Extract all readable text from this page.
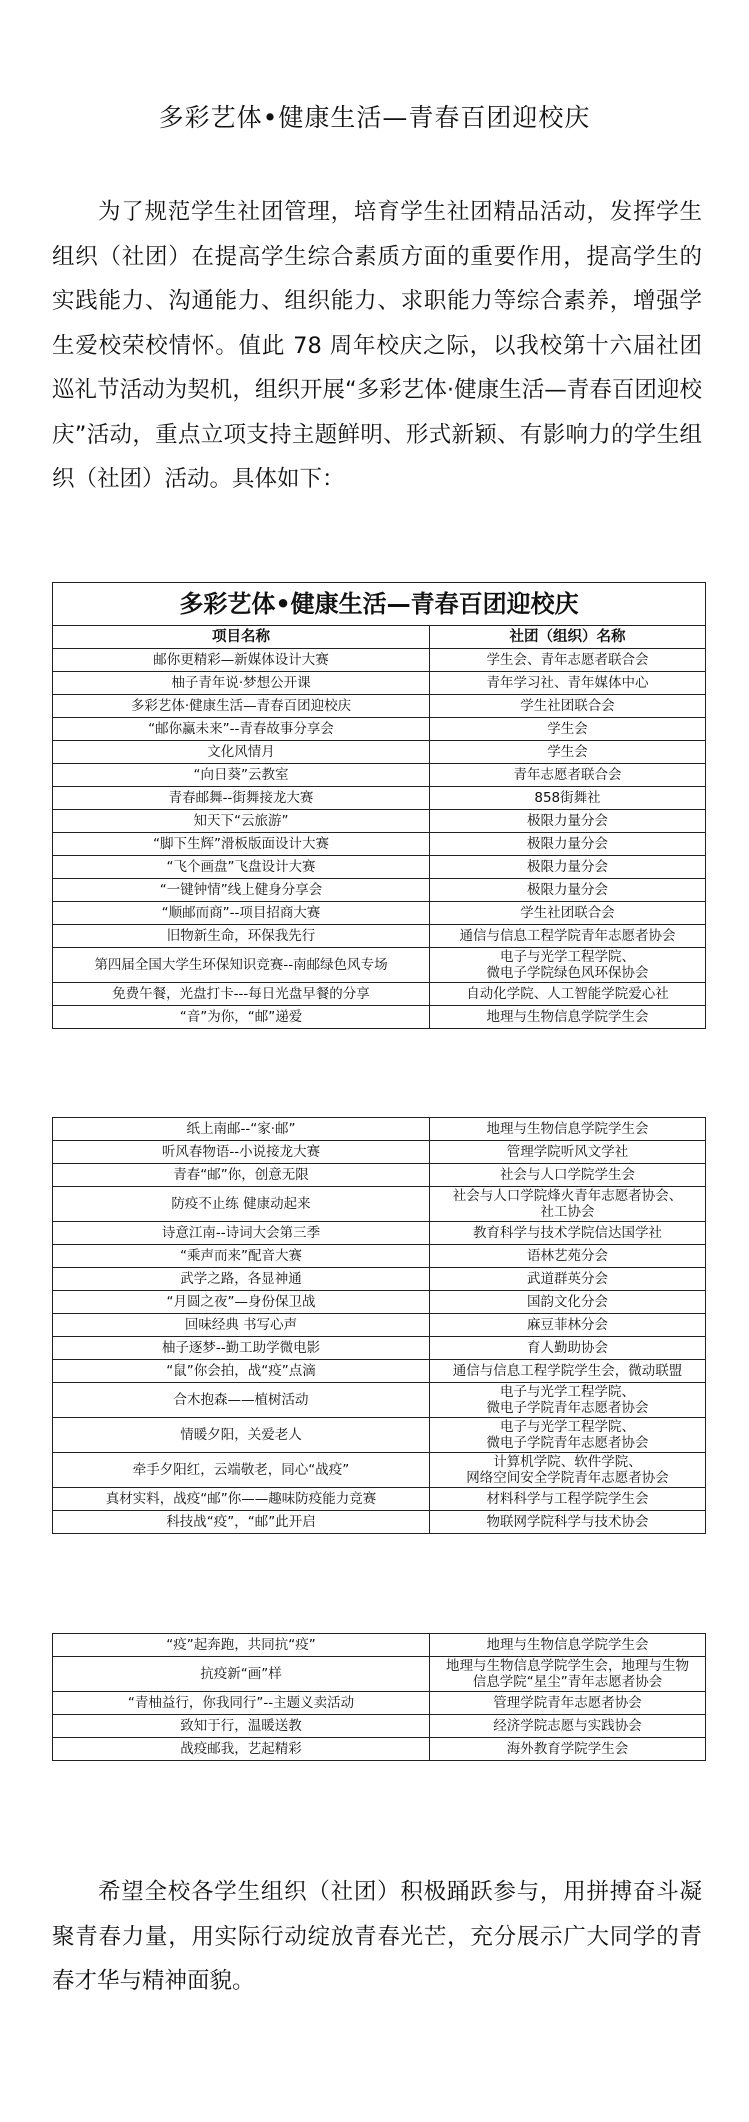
多彩艺体•健康生活—青春百团迎校庆

为了规范学生社团管理，培育学生社团精品活动，发挥学生组织（社团）在提高学生综合素质方面的重要作用，提高学生的实践能力、沟通能力、组织能力、求职能力等综合素养，增强学生爱校荣校情怀。值此 78 周年校庆之际，以我校第十六届社团巡礼节活动为契机，组织开展“多彩艺体·健康生活—青春百团迎校庆”活动，重点立项支持主题鲜明、形式新颖、有影响力的学生组织（社团）活动。具体如下：

多彩艺体•健康生活—青春百团迎校庆	
项目名称	社团（组织）名称
邮你更精彩—新媒体设计大赛	学生会、青年志愿者联合会
柚子青年说·梦想公开课	青年学习社、青年媒体中心
多彩艺体·健康生活—青春百团迎校庆	学生社团联合会
“邮你赢未来”--青春故事分享会	学生会
文化风情月	学生会
“向日葵”云教室	青年志愿者联合会
青春邮舞--街舞接龙大赛	858街舞社
知天下“云旅游”	极限力量分会
“脚下生辉”滑板版面设计大赛	极限力量分会
“飞个画盘”飞盘设计大赛	极限力量分会
“一键钟情”线上健身分享会	极限力量分会
“顺邮而商”--项目招商大赛	学生社团联合会
旧物新生命，环保我先行	通信与信息工程学院青年志愿者协会
第四届全国大学生环保知识竞赛--南邮绿色风专场	电子与光学工程学院、
微电子学院绿色风环保协会
免费午餐，光盘打卡---每日光盘早餐的分享	自动化学院、人工智能学院爱心社
“音”为你，“邮”递爱	地理与生物信息学院学生会
纸上南邮--“家·邮”	地理与生物信息学院学生会
听风春物语--小说接龙大赛	管理学院听风文学社
青春“邮”你，创意无限	社会与人口学院学生会
防疫不止练 健康动起来	社会与人口学院烽火青年志愿者协会、
社工协会
诗意江南--诗词大会第三季	教育科学与技术学院信达国学社
“乘声而来”配音大赛	语林艺苑分会
武学之路，各显神通	武道群英分会
“月圆之夜”—身份保卫战	国韵文化分会
回味经典 书写心声	麻豆菲林分会
柚子逐梦--勤工助学微电影	育人勤助协会
“鼠”你会拍，战“疫”点滴	通信与信息工程学院学生会，微动联盟
合木抱森——植树活动	电子与光学工程学院、
微电子学院青年志愿者协会
情暖夕阳，关爱老人	电子与光学工程学院、
微电子学院青年志愿者协会
牵手夕阳红，云端敬老，同心“战疫”	计算机学院、软件学院、
网络空间安全学院青年志愿者协会
真材实料，战疫“邮”你——趣味防疫能力竞赛	材料科学与工程学院学生会
科技战“疫”，“邮”此开启	物联网学院科学与技术协会
“疫”起奔跑，共同抗“疫”	地理与生物信息学院学生会
抗疫新“画”样	地理与生物信息学院学生会，地理与生物
信息学院“星尘”青年志愿者协会
“青柚益行，你我同行”--主题义卖活动	管理学院青年志愿者协会
致知于行，温暖送教	经济学院志愿与实践协会
战疫邮我，艺起精彩	海外教育学院学生会

希望全校各学生组织（社团）积极踊跃参与，用拼搏奋斗凝聚青春力量，用实际行动绽放青春光芒，充分展示广大同学的青春才华与精神面貌。
